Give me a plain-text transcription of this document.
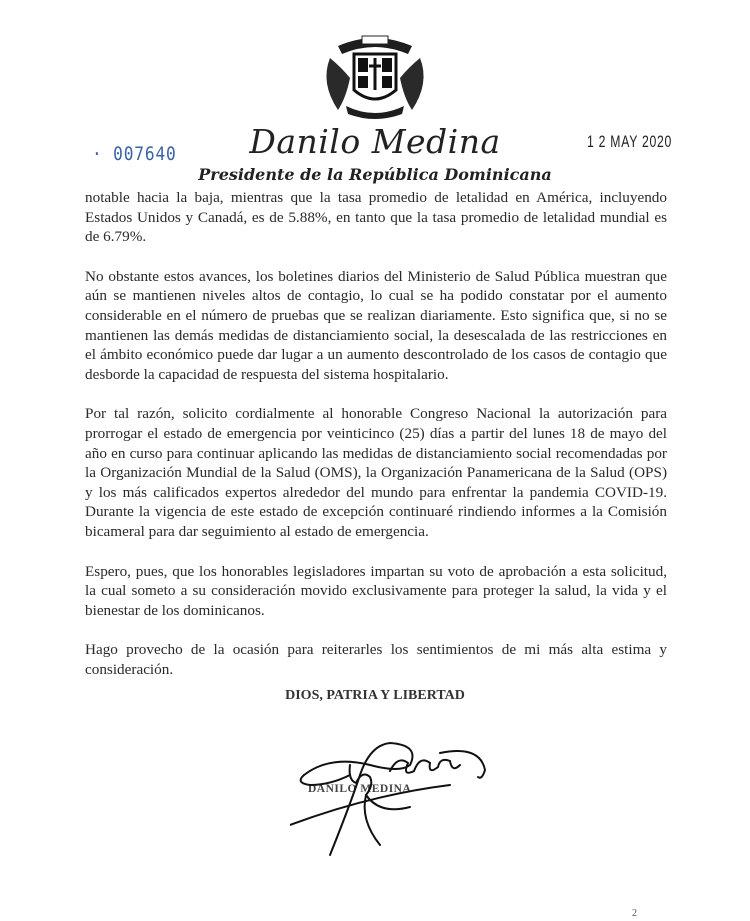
· 007640
1 2 MAY 2020
Danilo Medina
Presidente de la República Dominicana

notable hacia la baja, mientras que la tasa promedio de letalidad en América, incluyendo Estados Unidos y Canadá, es de 5.88%, en tanto que la tasa promedio de letalidad mundial es de 6.79%.

No obstante estos avances, los boletines diarios del Ministerio de Salud Pública muestran que aún se mantienen niveles altos de contagio, lo cual se ha podido constatar por el aumento considerable en el número de pruebas que se realizan diariamente. Esto significa que, si no se mantienen las demás medidas de distanciamiento social, la desescalada de las restricciones en el ámbito económico puede dar lugar a un aumento descontrolado de los casos de contagio que desborde la capacidad de respuesta del sistema hospitalario.

Por tal razón, solicito cordialmente al honorable Congreso Nacional la autorización para prorrogar el estado de emergencia por veinticinco (25) días a partir del lunes 18 de mayo del año en curso para continuar aplicando las medidas de distanciamiento social recomendadas por la Organización Mundial de la Salud (OMS), la Organización Panamericana de la Salud (OPS) y los más calificados expertos alrededor del mundo para enfrentar la pandemia COVID-19. Durante la vigencia de este estado de excepción continuaré rindiendo informes a la Comisión bicameral para dar seguimiento al estado de emergencia.

Espero, pues, que los honorables legisladores impartan su voto de aprobación a esta solicitud, la cual someto a su consideración movido exclusivamente para proteger la salud, la vida y el bienestar de los dominicanos.

Hago provecho de la ocasión para reiterarles los sentimientos de mi más alta estima y consideración.

DIOS, PATRIA Y LIBERTAD
DANILO MEDINA
2
